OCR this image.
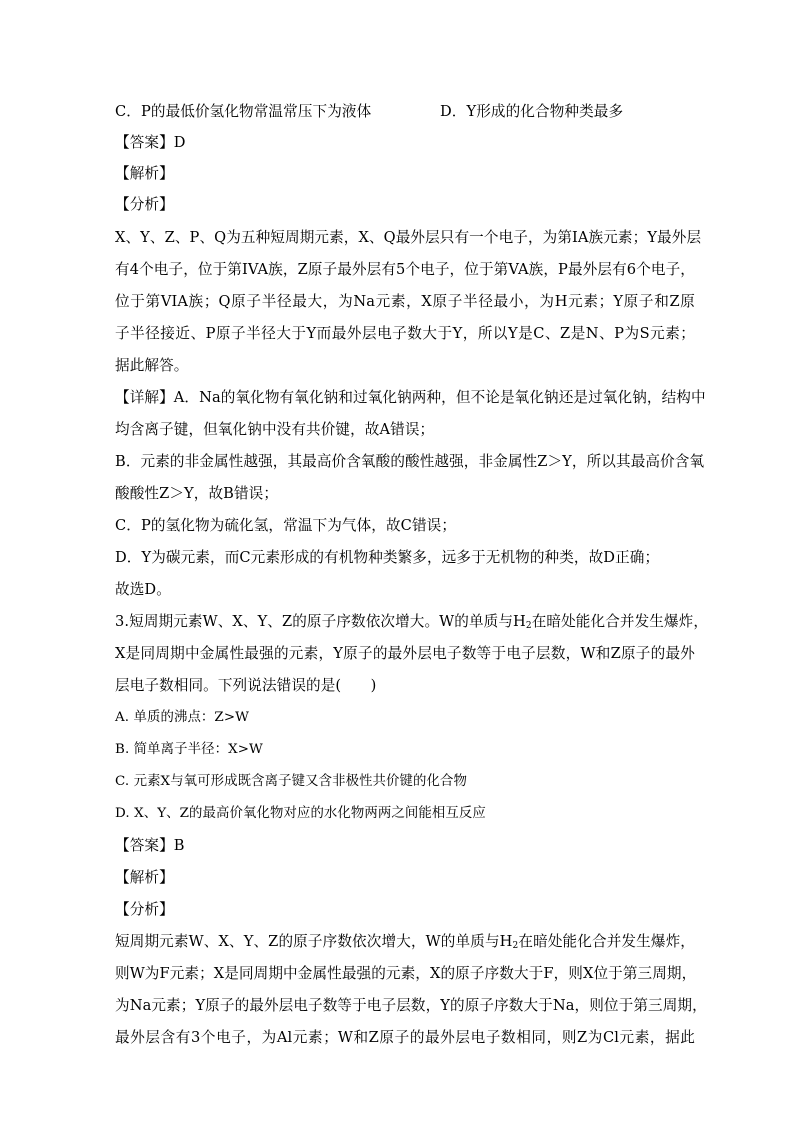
C．P的最低价氢化物常温常压下为液体	D．Y形成的化合物种类最多
【答案】D
【解析】
【分析】
X、Y、Z、P、Q为五种短周期元素，X、Q最外层只有一个电子，为第IA族元素；Y最外层
有4个电子，位于第IVA族，Z原子最外层有5个电子，位于第VA族，P最外层有6个电子，
位于第VIA族；Q原子半径最大，为Na元素，X原子半径最小，为H元素；Y原子和Z原
子半径接近、P原子半径大于Y而最外层电子数大于Y，所以Y是C、Z是N、P为S元素；
据此解答。
【详解】A．Na的氧化物有氧化钠和过氧化钠两种，但不论是氧化钠还是过氧化钠，结构中
均含离子键，但氧化钠中没有共价键，故A错误；
B．元素的非金属性越强，其最高价含氧酸的酸性越强，非金属性Z＞Y，所以其最高价含氧
酸酸性Z＞Y，故B错误；
C．P的氢化物为硫化氢，常温下为气体，故C错误；
D．Y为碳元素，而C元素形成的有机物种类繁多，远多于无机物的种类，故D正确；
故选D。
3.短周期元素W、X、Y、Z的原子序数依次增大。W的单质与$H_2$在暗处能化合并发生爆炸，
X是同周期中金属性最强的元素，Y原子的最外层电子数等于电子层数，W和Z原子的最外
层电子数相同。下列说法错误的是(　　)
A. 单质的沸点：Z>W
B. 简单离子半径：X>W
C. 元素X与氧可形成既含离子键又含非极性共价键的化合物
D. X、Y、Z的最高价氧化物对应的水化物两两之间能相互反应
【答案】B
【解析】
【分析】
短周期元素W、X、Y、Z的原子序数依次增大，W的单质与$H_2$在暗处能化合并发生爆炸，
则W为F元素；X是同周期中金属性最强的元素，X的原子序数大于F，则X位于第三周期，
为Na元素；Y原子的最外层电子数等于电子层数，Y的原子序数大于Na，则位于第三周期，
最外层含有3个电子，为Al元素；W和Z原子的最外层电子数相同，则Z为Cl元素，据此
